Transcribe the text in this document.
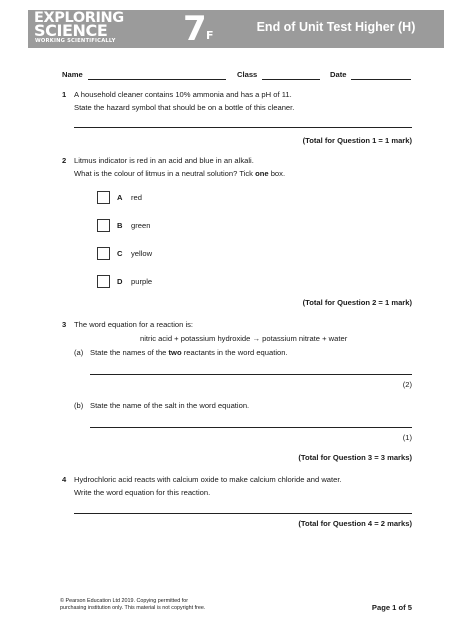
EXPLORING
SCIENCE
WORKING SCIENTIFICALLY 7 F
End of Unit Test Higher (H)
Name	Class	Date
1 A household cleaner contains 10% ammonia and has a pH of 11.
State the hazard symbol that should be on a bottle of this cleaner.
(Total for Question 1 = 1 mark)
2 Litmus indicator is red in an acid and blue in an alkali.
What is the colour of litmus in a neutral solution? Tick one box.
A red
B green
C yellow
D purple
(Total for Question 2 = 1 mark)
3 The word equation for a reaction is:
nitric acid + potassium hydroxide → potassium nitrate + water
(a) State the names of the two reactants in the word equation.
(2)
(b) State the name of the salt in the word equation.
(1)
(Total for Question 3 = 3 marks)
4 Hydrochloric acid reacts with calcium oxide to make calcium chloride and water.
Write the word equation for this reaction.
(Total for Question 4 = 2 marks)
© Pearson Education Ltd 2019. Copying permitted for
purchasing institution only. This material is not copyright free.	Page 1 of 5
